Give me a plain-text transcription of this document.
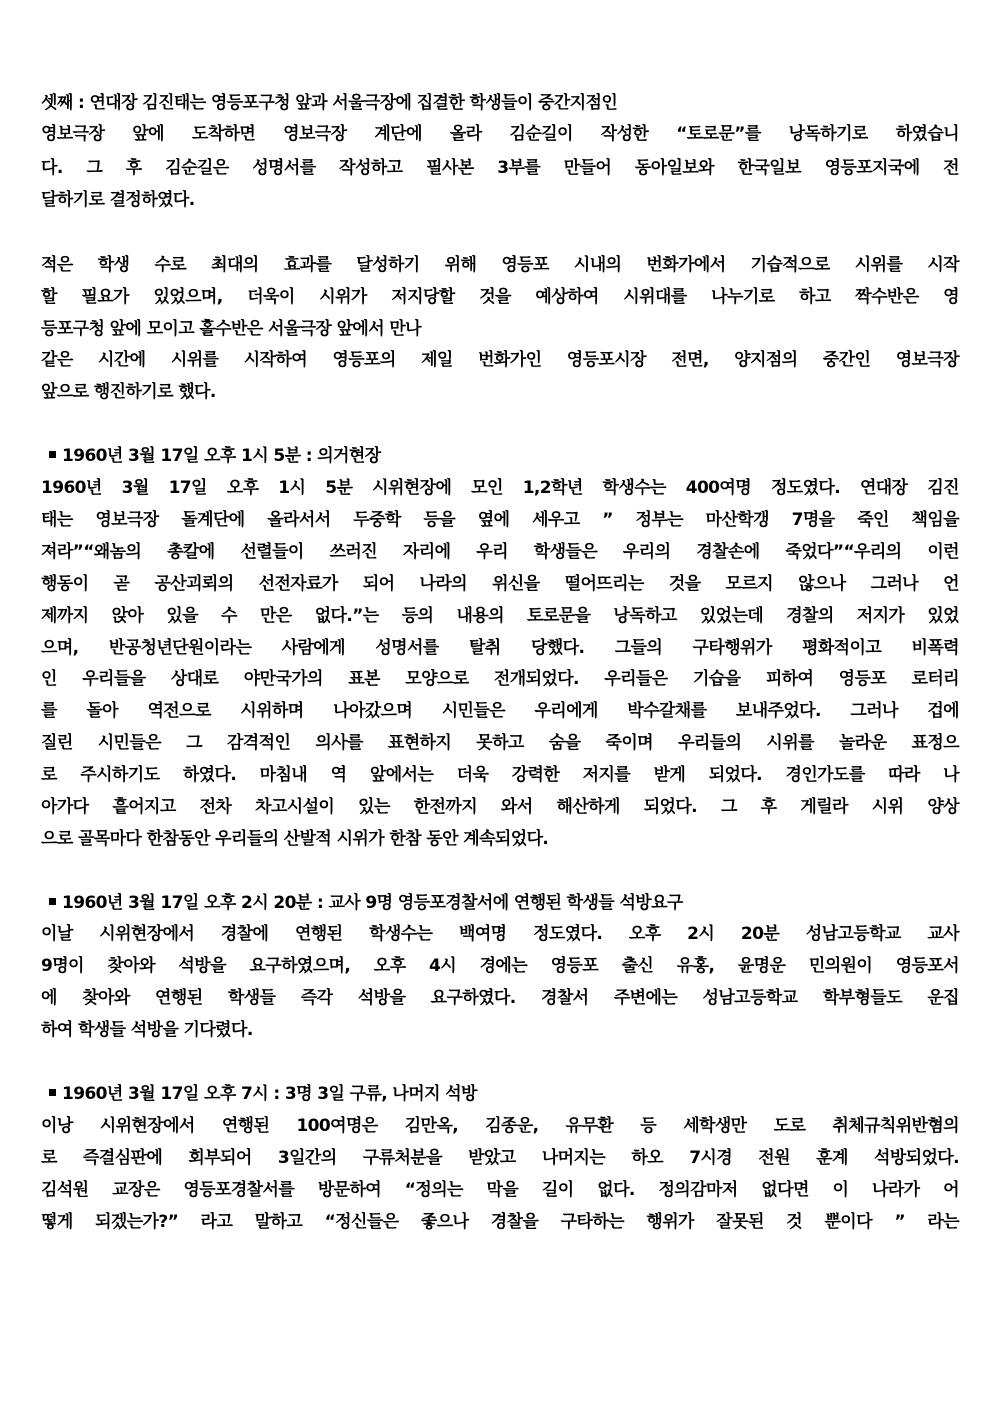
셋째 : 연대장 김진태는 영등포구청 앞과 서울극장에 집결한 학생들이 중간지점인
영보극장 앞에 도착하면 영보극장 계단에 올라 김순길이 작성한 “토로문”를 낭독하기로 하였습니
다. 그 후 김순길은 성명서를 작성하고 필사본 3부를 만들어 동아일보와 한국일보 영등포지국에 전
달하기로 결정하였다.
적은 학생 수로 최대의 효과를 달성하기 위해 영등포 시내의 번화가에서 기습적으로 시위를 시작
할 필요가 있었으며, 더욱이 시위가 저지당할 것을 예상하여 시위대를 나누기로 하고 짝수반은 영
등포구청 앞에 모이고 홀수반은 서울극장 앞에서 만나
같은 시간에 시위를 시작하여 영등포의 제일 번화가인 영등포시장 전면, 양지점의 중간인 영보극장
앞으로 행진하기로 했다.
1960년 3월 17일 오후 1시 5분 : 의거현장
1960년 3월 17일 오후 1시 5분 시위현장에 모인 1,2학년 학생수는 400여명 정도였다. 연대장 김진
태는 영보극장 돌계단에 올라서서 두중학 등을 옆에 세우고 ” 정부는 마산학갱 7명을 죽인 책임을
져라”“왜놈의 총칼에 선렬들이 쓰러진 자리에 우리 학생들은 우리의 경찰손에 죽었다”“우리의 이런
행동이 곧 공산괴뢰의 선전자료가 되어 나라의 위신을 떨어뜨리는 것을 모르지 않으나 그러나 언
제까지 앉아 있을 수 만은 없다.”는 등의 내용의 토로문을 낭독하고 있었는데 경찰의 저지가 있었
으며, 반공청년단원이라는 사람에게 성명서를 탈취 당했다. 그들의 구타행위가 평화적이고 비폭력
인 우리들을 상대로 야만국가의 표본 모양으로 전개되었다. 우리들은 기습을 피하여 영등포 로터리
를 돌아 역전으로 시위하며 나아갔으며 시민들은 우리에게 박수갈채를 보내주었다. 그러나 겁에
질린 시민들은 그 감격적인 의사를 표현하지 못하고 숨을 죽이며 우리들의 시위를 놀라운 표정으
로 주시하기도 하였다. 마침내 역 앞에서는 더욱 강력한 저지를 받게 되었다. 경인가도를 따라 나
아가다 흩어지고 전차 차고시설이 있는 한전까지 와서 해산하게 되었다. 그 후 게릴라 시위 양상
으로 골목마다 한참동안 우리들의 산발적 시위가 한참 동안 계속되었다.
1960년 3월 17일 오후 2시 20분 : 교사 9명 영등포경찰서에 연행된 학생들 석방요구
이날 시위현장에서 경찰에 연행된 학생수는 백여명 정도였다. 오후 2시 20분 성남고등학교 교사
9명이 찾아와 석방을 요구하였으며, 오후 4시 경에는 영등포 출신 유홍, 윤명운 민의원이 영등포서
에 찾아와 연행된 학생들 즉각 석방을 요구하였다. 경찰서 주변에는 성남고등학교 학부형들도 운집
하여 학생들 석방을 기다렸다.
1960년 3월 17일 오후 7시 : 3명 3일 구류, 나머지 석방
이낭 시위현장에서 연행된 100여명은 김만옥, 김종운, 유무환 등 세학생만 도로 취체규칙위반혐의
로 즉결심판에 회부되어 3일간의 구류처분을 받았고 나머지는 하오 7시경 전원 훈계 석방되었다.
김석원 교장은 영등포경찰서를 방문하여 “정의는 막을 길이 없다. 정의감마저 없다면 이 나라가 어
떻게 되겠는가?” 라고 말하고 “정신들은 좋으나 경찰을 구타하는 행위가 잘못된 것 뿐이다 ” 라는
